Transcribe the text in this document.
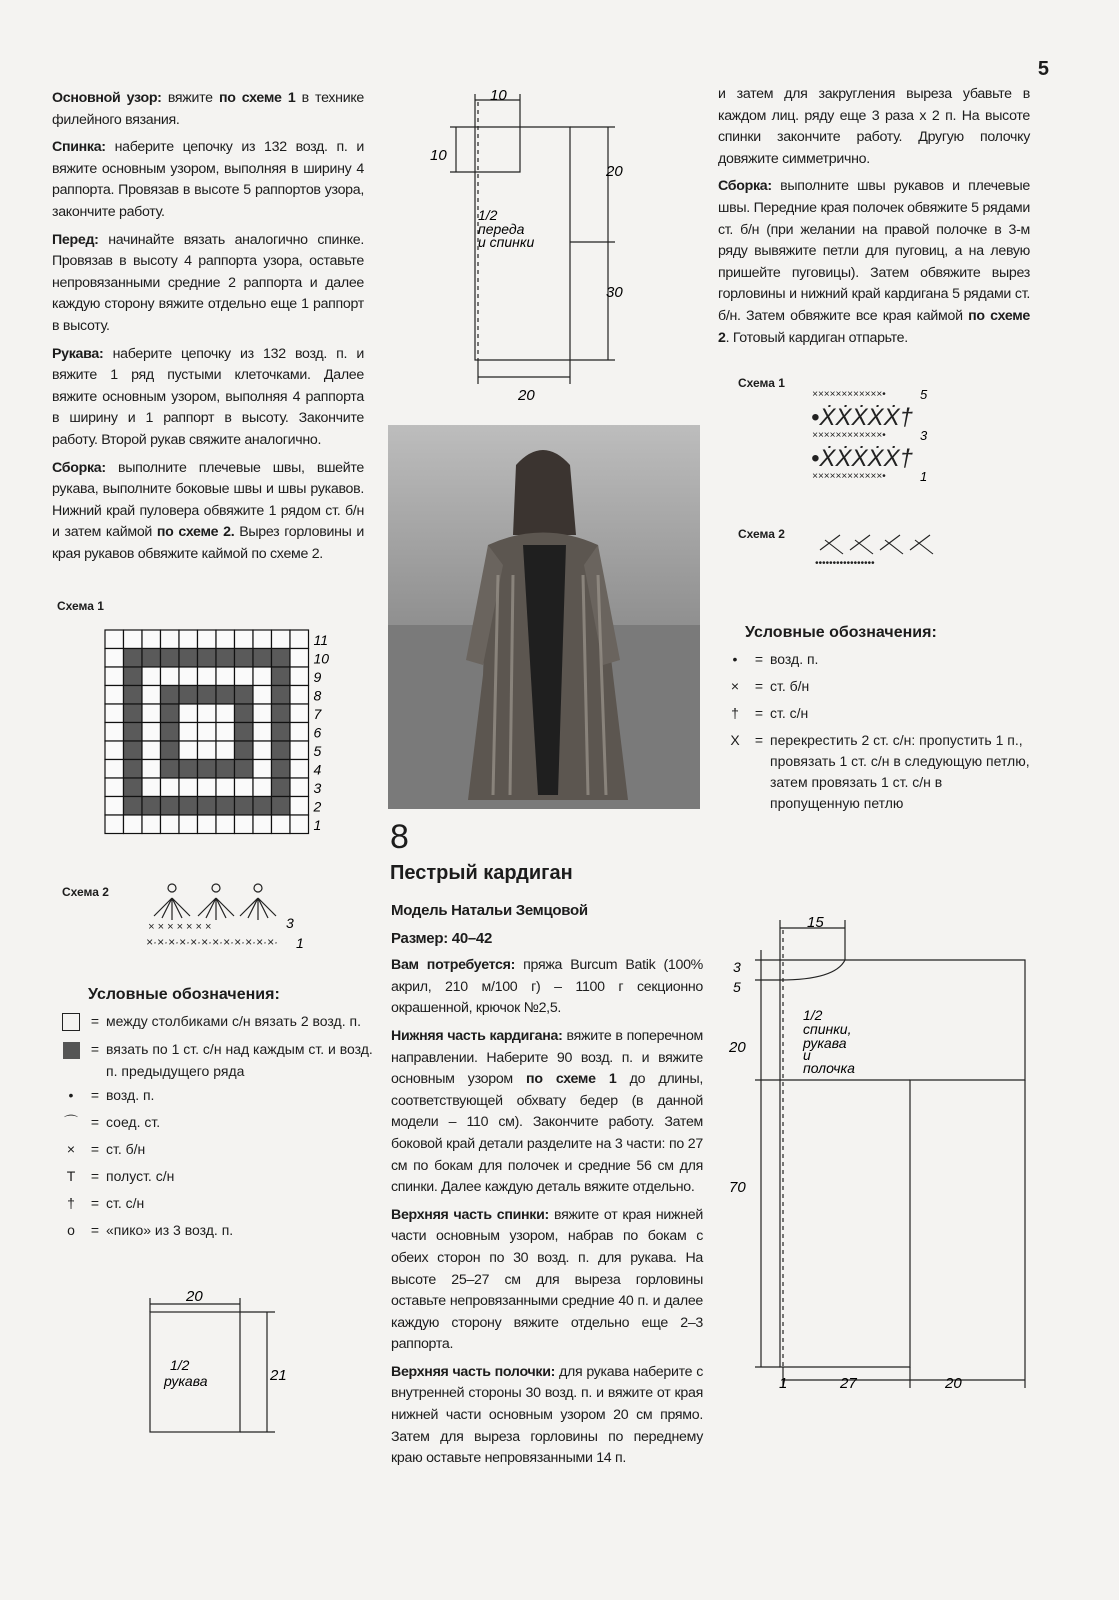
5

Основной узор: вяжите по схеме 1 в технике филейного вязания.

Спинка: наберите цепочку из 132 возд. п. и вяжите основным узором, выполняя в ширину 4 раппорта. Провязав в высоте 5 раппортов узора, закончите работу.

Перед: начинайте вязать аналогично спинке. Провязав в высоту 4 раппорта узора, оставьте непровязанными средние 2 раппорта и далее каждую сторону вяжите отдельно еще 1 раппорт в высоту.

Рукава: наберите цепочку из 132 возд. п. и вяжите 1 ряд пустыми клеточками. Далее вяжите основным узором, выполняя 4 раппорта в ширину и 1 раппорт в высоту. Закончите работу. Второй рукав свяжите аналогично.

Сборка: выполните плечевые швы, вшейте рукава, выполните боковые швы и швы рукавов. Нижний край пуловера обвяжите 1 рядом ст. б/н и затем каймой по схеме 2. Вырез горловины и края рукавов обвяжите каймой по схеме 2.

Схема 1
11
10
9
8
7
6
5
4
3
2
1
Схема 2
×·×·×·×·×·×·×·×·×·×·×·×·
× × × × × × ×	3
1
Условные обозначения:
= между столбиками с/н вязать 2 возд. п.
= вязать по 1 ст. с/н над каждым ст. и возд. п. предыдущего ряда
•	= возд. п.
⌒ = соед. ст.
×	= ст. б/н
T	= полуст. с/н
†	= ст. с/н
o	= «пико» из 3 возд. п.
20
21
1/2
рукава
10
10
20
30
20
1/2
переда
и спинки
8
Пестрый кардиган

Модель Натальи Земцовой

Размер: 40–42

Вам потребуется: пряжа Burcum Batik (100% акрил, 210 м/100 г) – 1100 г секционно окрашенной, крючок №2,5.

Нижняя часть кардигана: вяжите в поперечном направлении. Наберите 90 возд. п. и вяжите основным узором по схеме 1 до длины, соответствующей обхвату бедер (в данной модели – 110 см). Закончите работу. Затем боковой край детали разделите на 3 части: по 27 см по бокам для полочек и средние 56 см для спинки. Далее каждую деталь вяжите отдельно.

Верхняя часть спинки: вяжите от края нижней части основным узором, набрав по бокам с обеих сторон по 30 возд. п. для рукава. На высоте 25–27 см для выреза горловины оставьте непровязанными средние 40 п. и далее каждую сторону вяжите отдельно еще 2–3 раппорта.

Верхняя часть полочки: для рукава наберите с внутренней стороны 30 возд. п. и вяжите от края нижней части основным узором 20 см прямо. Затем для выреза горловины по переднему краю оставьте непровязанными 14 п.

и затем для закругления выреза убавьте в каждом лиц. ряду еще 3 раза х 2 п. На высоте спинки закончите работу. Другую полочку довяжите симметрично.

Сборка: выполните швы рукавов и плечевые швы. Передние края полочек обвяжите 5 рядами ст. б/н (при желании на правой полочке в 3-м ряду вывяжите петли для пуговиц, а на левую пришейте пуговицы). Затем обвяжите вырез горловины и нижний край кардигана 5 рядами ст. б/н. Затем обвяжите все края каймой по схеме 2. Готовый кардиган отпарьте.

Схема 1
××××××××××××•
××××××××××××•
××××××××××××•
•ẊẊẊẊẊ†
•ẊẊẊẊẊ†
5
3
1
Схема 2
•••••••••••••••••
Условные обозначения:
•	= возд. п.
×	= ст. б/н
†	= ст. с/н
X	= перекрестить 2 ст. с/н: пропустить 1 п., провязать 1 ст. с/н в следующую петлю, затем провязать 1 ст. с/н в пропущенную петлю
15
3
5
20
70
1	27	20
1/2
спинки,
рукава
и
полочка
